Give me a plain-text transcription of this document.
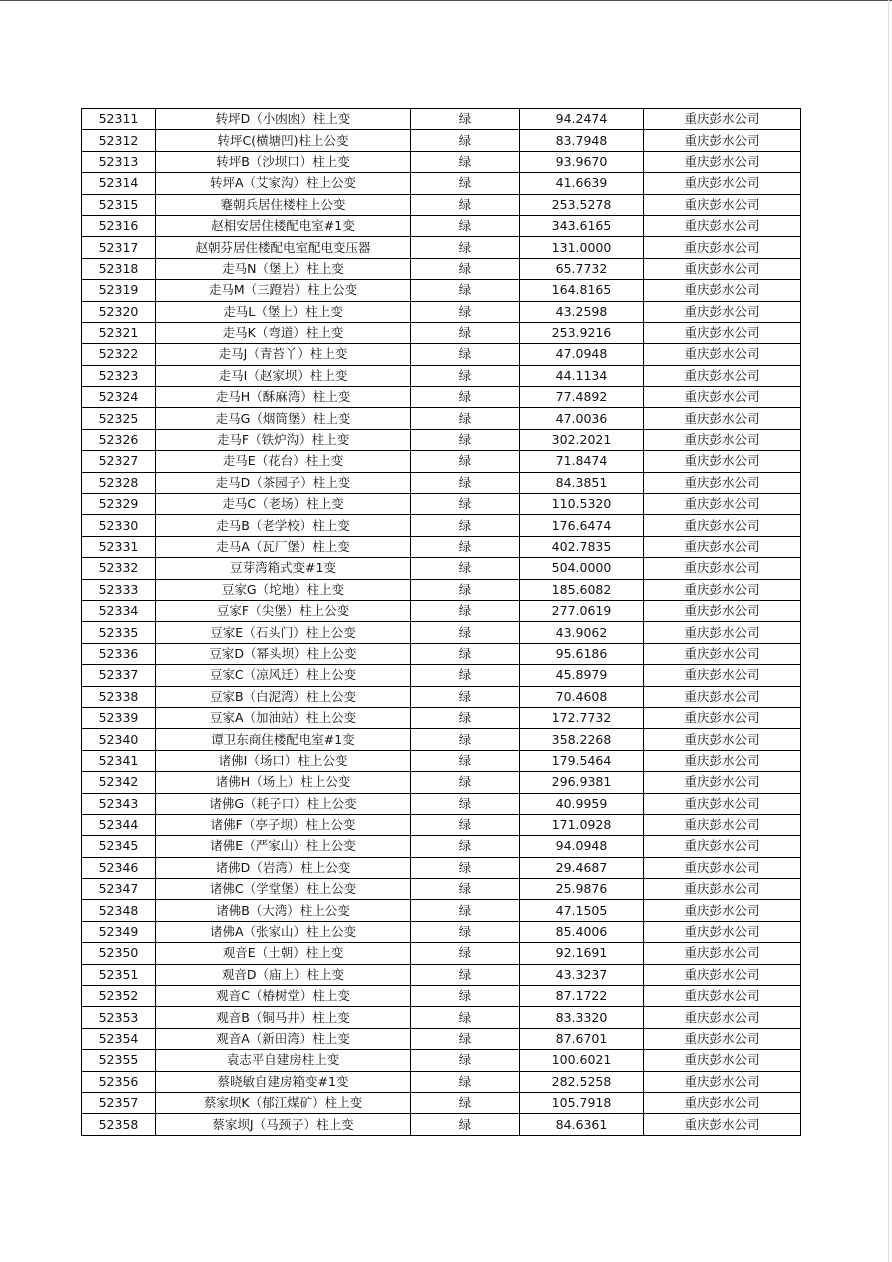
52311	转坪D（小凼凼）柱上变	绿	94.2474	重庆彭水公司
52312	转坪C(横塘凹)柱上公变	绿	83.7948	重庆彭水公司
52313	转坪B（沙坝口）柱上变	绿	93.9670	重庆彭水公司
52314	转坪A（艾家沟）柱上公变	绿	41.6639	重庆彭水公司
52315	蹇朝兵居住楼柱上公变	绿	253.5278	重庆彭水公司
52316	赵相安居住楼配电室#1变	绿	343.6165	重庆彭水公司
52317	赵朝芬居住楼配电室配电变压器	绿	131.0000	重庆彭水公司
52318	走马N（堡上）柱上变	绿	65.7732	重庆彭水公司
52319	走马M（三蹬岩）柱上公变	绿	164.8165	重庆彭水公司
52320	走马L（堡上）柱上变	绿	43.2598	重庆彭水公司
52321	走马K（弯道）柱上变	绿	253.9216	重庆彭水公司
52322	走马J（青苔丫）柱上变	绿	47.0948	重庆彭水公司
52323	走马I（赵家坝）柱上变	绿	44.1134	重庆彭水公司
52324	走马H（酥麻湾）柱上变	绿	77.4892	重庆彭水公司
52325	走马G（烟筒堡）柱上变	绿	47.0036	重庆彭水公司
52326	走马F（铁炉沟）柱上变	绿	302.2021	重庆彭水公司
52327	走马E（花台）柱上变	绿	71.8474	重庆彭水公司
52328	走马D（茶园子）柱上变	绿	84.3851	重庆彭水公司
52329	走马C（老场）柱上变	绿	110.5320	重庆彭水公司
52330	走马B（老学校）柱上变	绿	176.6474	重庆彭水公司
52331	走马A（瓦厂堡）柱上变	绿	402.7835	重庆彭水公司
52332	豆芽湾箱式变#1变	绿	504.0000	重庆彭水公司
52333	豆家G（坨地）柱上变	绿	185.6082	重庆彭水公司
52334	豆家F（尖堡）柱上公变	绿	277.0619	重庆彭水公司
52335	豆家E（石头门）柱上公变	绿	43.9062	重庆彭水公司
52336	豆家D（幂头坝）柱上公变	绿	95.6186	重庆彭水公司
52337	豆家C（凉风迁）柱上公变	绿	45.8979	重庆彭水公司
52338	豆家B（白泥湾）柱上公变	绿	70.4608	重庆彭水公司
52339	豆家A（加油站）柱上公变	绿	172.7732	重庆彭水公司
52340	谭卫东商住楼配电室#1变	绿	358.2268	重庆彭水公司
52341	诸佛I（场口）柱上公变	绿	179.5464	重庆彭水公司
52342	诸佛H（场上）柱上公变	绿	296.9381	重庆彭水公司
52343	诸佛G（耗子口）柱上公变	绿	40.9959	重庆彭水公司
52344	诸佛F（亭子坝）柱上公变	绿	171.0928	重庆彭水公司
52345	诸佛E（严家山）柱上公变	绿	94.0948	重庆彭水公司
52346	诸佛D（岩湾）柱上公变	绿	29.4687	重庆彭水公司
52347	诸佛C（学堂堡）柱上公变	绿	25.9876	重庆彭水公司
52348	诸佛B（大湾）柱上公变	绿	47.1505	重庆彭水公司
52349	诸佛A（张家山）柱上公变	绿	85.4006	重庆彭水公司
52350	观音E（土朝）柱上变	绿	92.1691	重庆彭水公司
52351	观音D（庙上）柱上变	绿	43.3237	重庆彭水公司
52352	观音C（椿树堂）柱上变	绿	87.1722	重庆彭水公司
52353	观音B（铜马井）柱上变	绿	83.3320	重庆彭水公司
52354	观音A（新田湾）柱上变	绿	87.6701	重庆彭水公司
52355	袁志平自建房柱上变	绿	100.6021	重庆彭水公司
52356	蔡晓敏自建房箱变#1变	绿	282.5258	重庆彭水公司
52357	蔡家坝K（郁江煤矿）柱上变	绿	105.7918	重庆彭水公司
52358	蔡家坝J（马颈子）柱上变	绿	84.6361	重庆彭水公司
